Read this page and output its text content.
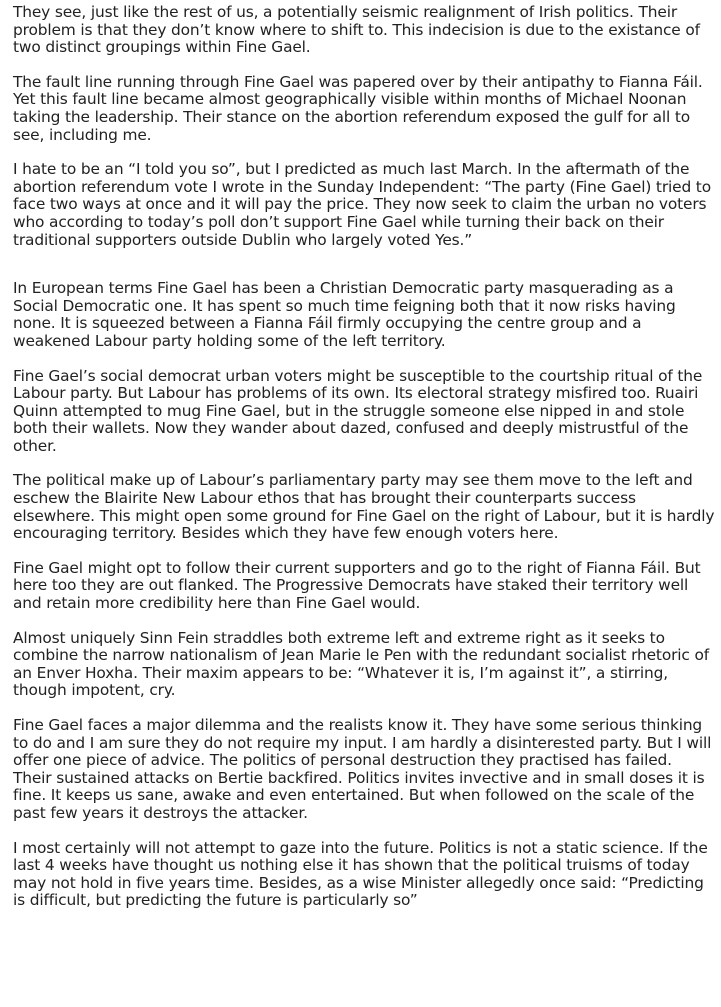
They see, just like the rest of us, a potentially seismic realignment of Irish politics. Their problem is that they don’t know where to shift to. This indecision is due to the existance of two distinct groupings within Fine Gael.

The fault line running through Fine Gael was papered over by their antipathy to Fianna Fáil. Yet this fault line became almost geographically visible within months of Michael Noonan taking the leadership. Their stance on the abortion referendum exposed the gulf for all to see, including me.

I hate to be an “I told you so”, but I predicted as much last March. In the aftermath of the abortion referendum vote I wrote in the Sunday Independent: “The party (Fine Gael) tried to face two ways at once and it will pay the price. They now seek to claim the urban no voters who according to today’s poll don’t support Fine Gael while turning their back on their traditional supporters outside Dublin who largely voted Yes.”

In European terms Fine Gael has been a Christian Democratic party masquerading as a Social Democratic one. It has spent so much time feigning both that it now risks having none. It is squeezed between a Fianna Fáil firmly occupying the centre group and a weakened Labour party holding some of the left territory.

Fine Gael’s social democrat urban voters might be susceptible to the courtship ritual of the Labour party. But Labour has problems of its own. Its electoral strategy misfired too. Ruairi Quinn attempted to mug Fine Gael, but in the struggle someone else nipped in and stole both their wallets. Now they wander about dazed, confused and deeply mistrustful of the other.

The political make up of Labour’s parliamentary party may see them move to the left and eschew the Blairite New Labour ethos that has brought their counterparts success elsewhere. This might open some ground for Fine Gael on the right of Labour, but it is hardly encouraging territory. Besides which they have few enough voters here.

Fine Gael might opt to follow their current supporters and go to the right of Fianna Fáil. But here too they are out flanked. The Progressive Democrats have staked their territory well and retain more credibility here than Fine Gael would.

Almost uniquely Sinn Fein straddles both extreme left and extreme right as it seeks to combine the narrow nationalism of Jean Marie le Pen with the redundant socialist rhetoric of an Enver Hoxha. Their maxim appears to be: “Whatever it is, I’m against it”, a stirring, though impotent, cry.

Fine Gael faces a major dilemma and the realists know it. They have some serious thinking to do and I am sure they do not require my input. I am hardly a disinterested party. But I will offer one piece of advice. The politics of personal destruction they practised has failed. Their sustained attacks on Bertie backfired. Politics invites invective and in small doses it is fine. It keeps us sane, awake and even entertained. But when followed on the scale of the past few years it destroys the attacker.

I most certainly will not attempt to gaze into the future. Politics is not a static science. If the last 4 weeks have thought us nothing else it has shown that the political truisms of today may not hold in five years time. Besides, as a wise Minister allegedly once said: “Predicting is difficult, but predicting the future is particularly so”
